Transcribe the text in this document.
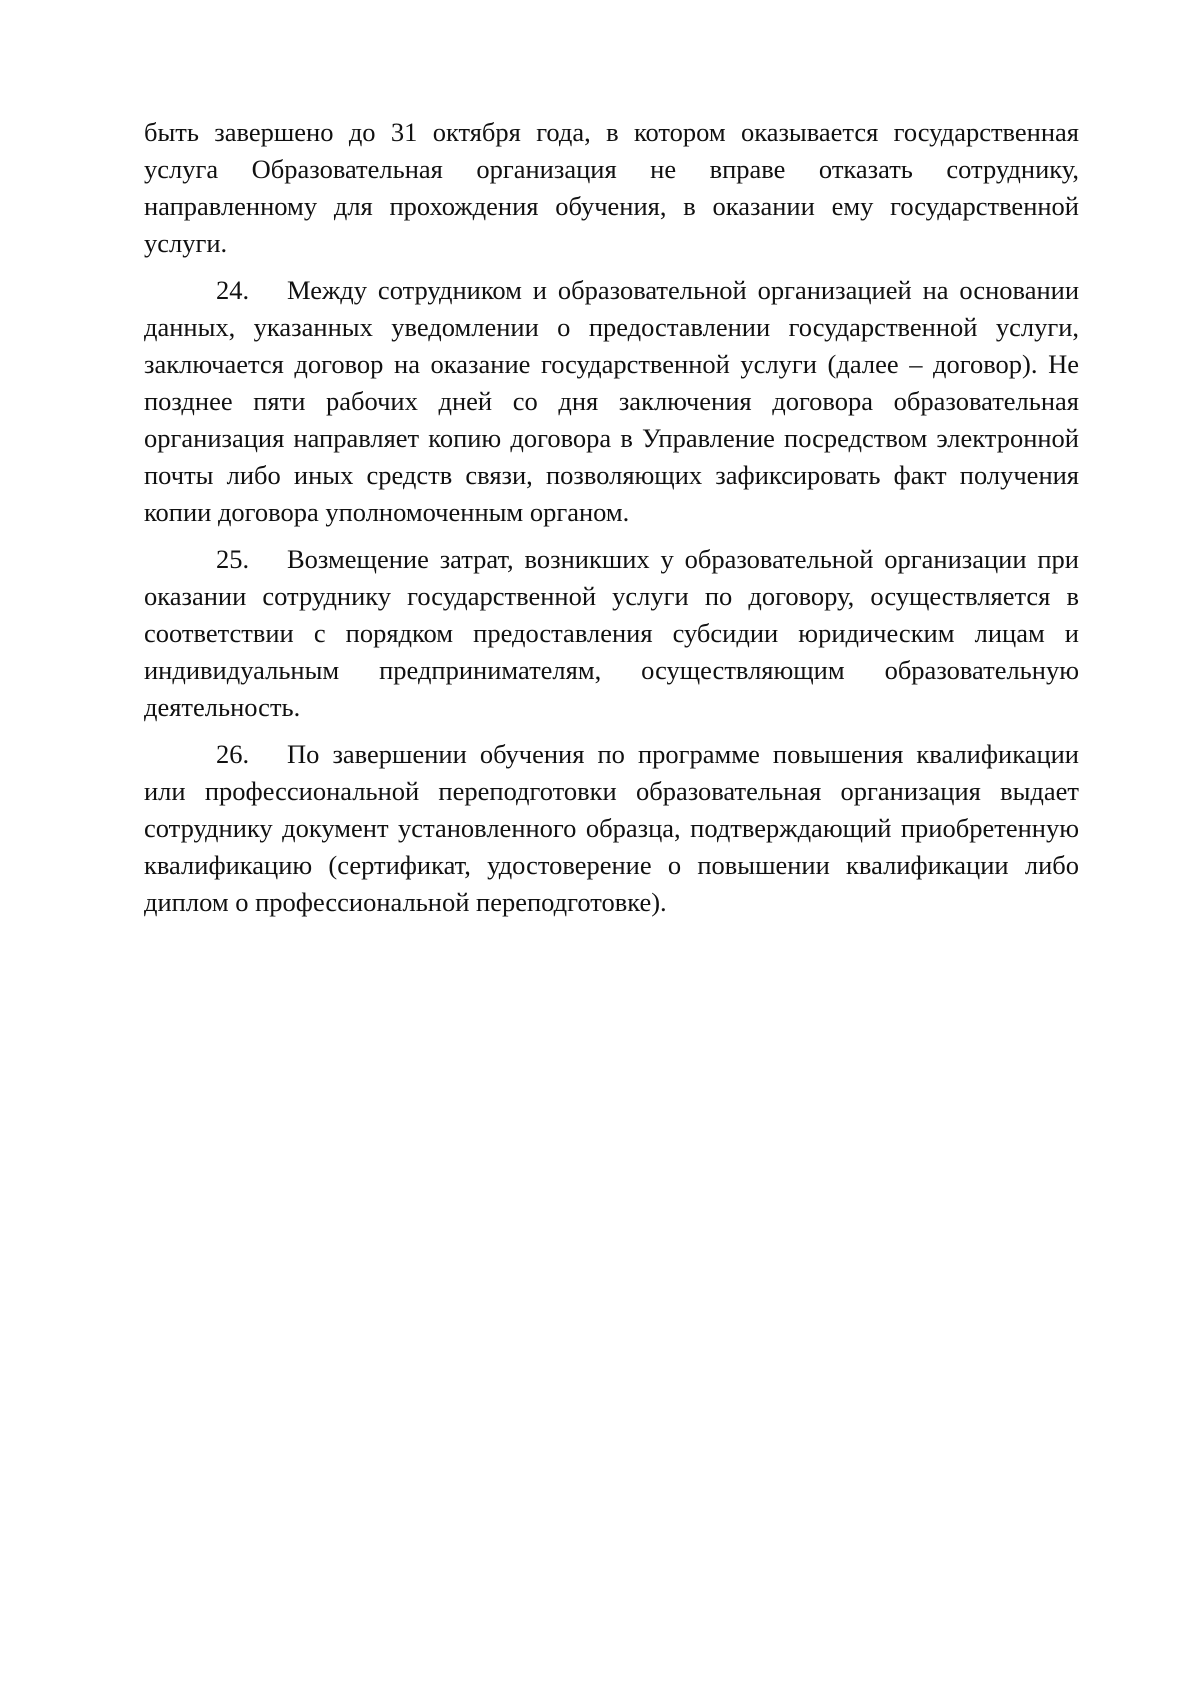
быть завершено до 31 октября года, в котором оказывается государственная услуга Образовательная организация не вправе отказать сотруднику, направленному для прохождения обучения, в оказании ему государственной услуги.

24. Между сотрудником и образовательной организацией на основании данных, указанных уведомлении о предоставлении государственной услуги, заключается договор на оказание государственной услуги (далее – договор). Не позднее пяти рабочих дней со дня заключения договора образовательная организация направляет копию договора в Управление посредством электронной почты либо иных средств связи, позволяющих зафиксировать факт получения копии договора уполномоченным органом.

25. Возмещение затрат, возникших у образовательной организации при оказании сотруднику государственной услуги по договору, осуществляется в соответствии с порядком предоставления субсидии юридическим лицам и индивидуальным предпринимателям, осуществляющим образовательную деятельность.

26. По завершении обучения по программе повышения квалификации или профессиональной переподготовки образовательная организация выдает сотруднику документ установленного образца, подтверждающий приобретенную квалификацию (сертификат, удостоверение о повышении квалификации либо диплом о профессиональной переподготовке).
